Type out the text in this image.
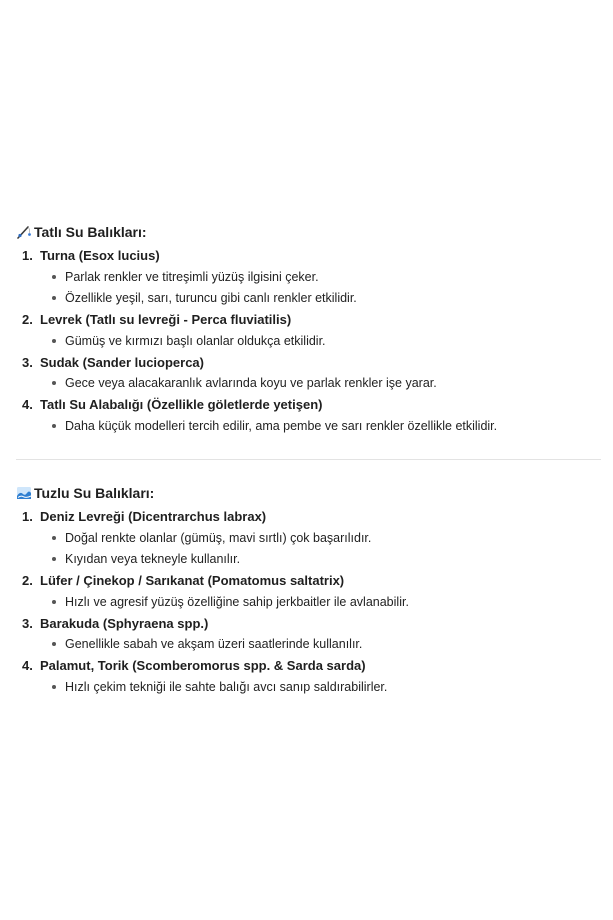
Tatlı Su Balıkları:
1. Turna (Esox lucius)
Parlak renkler ve titreşimli yüzüş ilgisini çeker.
Özellikle yeşil, sarı, turuncu gibi canlı renkler etkilidir.
2. Levrek (Tatlı su levreği - Perca fluviatilis)
Gümüş ve kırmızı başlı olanlar oldukça etkilidir.
3. Sudak (Sander lucioperca)
Gece veya alacakaranlık avlarında koyu ve parlak renkler işe yarar.
4. Tatlı Su Alabalığı (Özellikle göletlerde yetişen)
Daha küçük modelleri tercih edilir, ama pembe ve sarı renkler özellikle etkilidir.
Tuzlu Su Balıkları:
1. Deniz Levreği (Dicentrarchus labrax)
Doğal renkte olanlar (gümüş, mavi sırtlı) çok başarılıdır.
Kıyıdan veya tekneyle kullanılır.
2. Lüfer / Çinekop / Sarıkanat (Pomatomus saltatrix)
Hızlı ve agresif yüzüş özelliğine sahip jerkbaitler ile avlanabilir.
3. Barakuda (Sphyraena spp.)
Genellikle sabah ve akşam üzeri saatlerinde kullanılır.
4. Palamut, Torik (Scomberomorus spp. & Sarda sarda)
Hızlı çekim tekniği ile sahte balığı avcı sanıp saldırabilirler.
